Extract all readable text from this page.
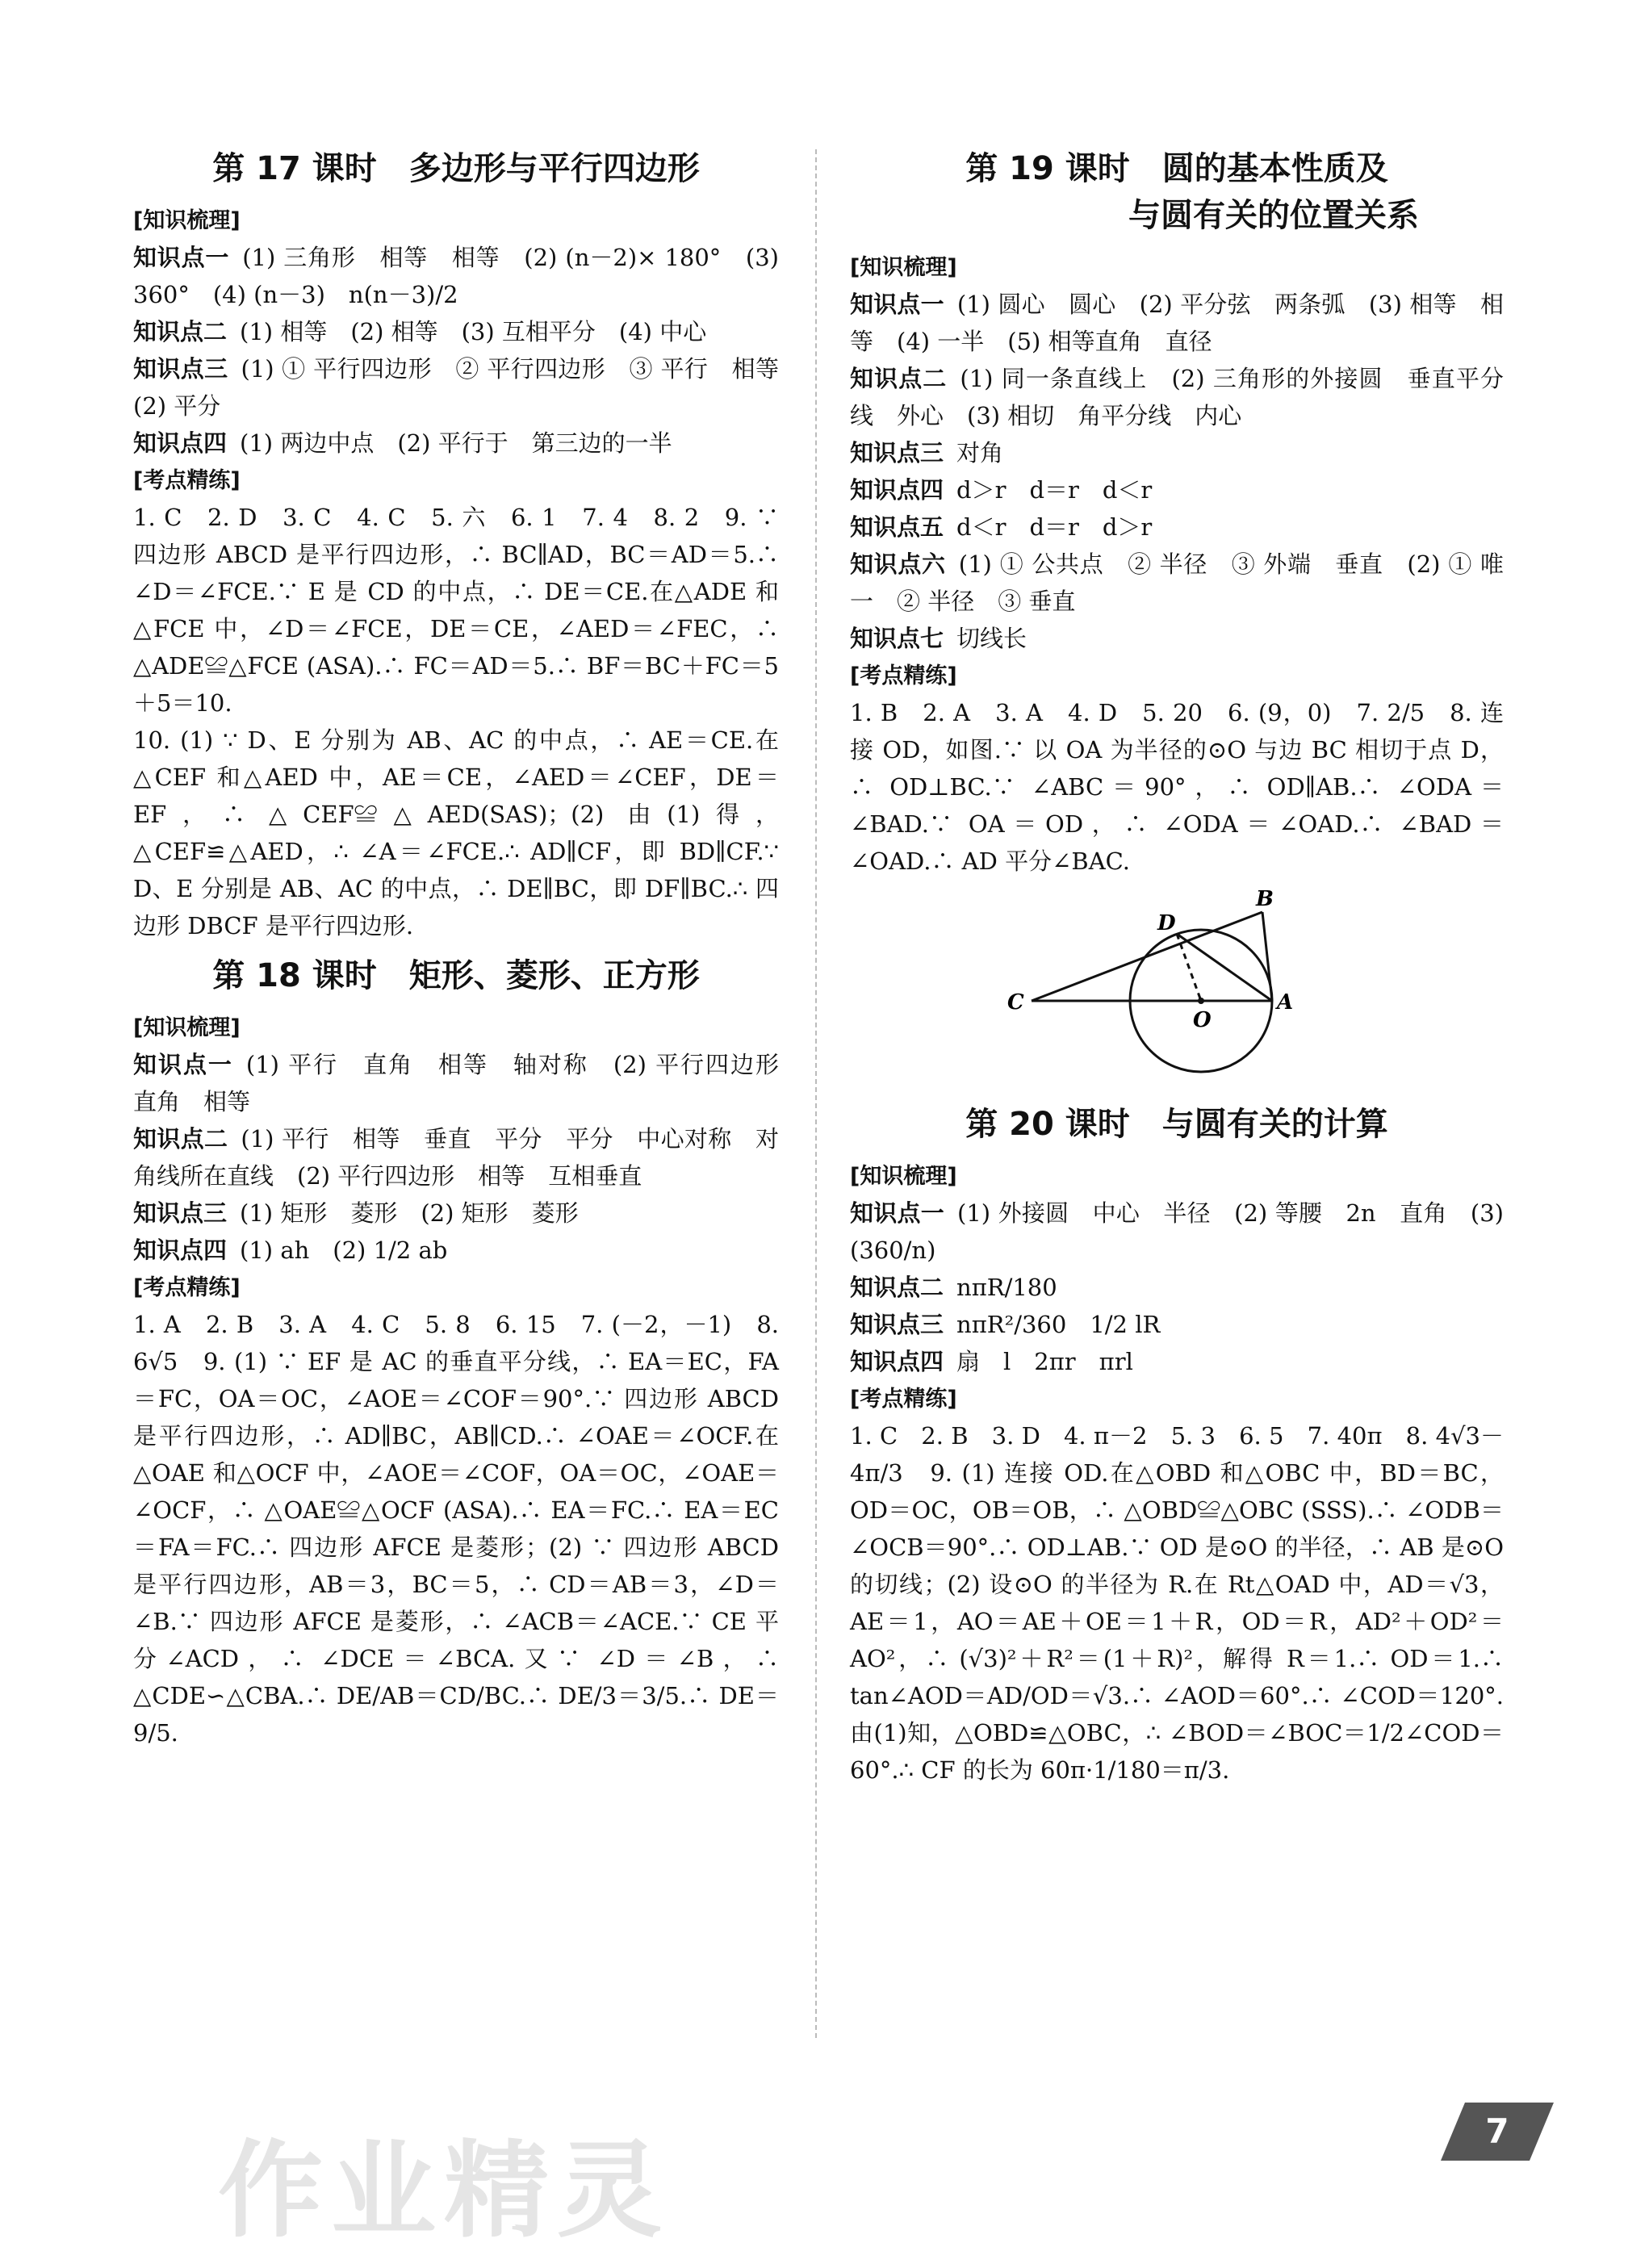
第 17 课时　多边形与平行四边形
[知识梳理]

知识点一 (1) 三角形　相等　相等　(2) (n－2)× 180°　(3) 360°　(4) (n－3)　n(n－3)/2

知识点二 (1) 相等　(2) 相等　(3) 互相平分　(4) 中心

知识点三 (1) ① 平行四边形　② 平行四边形　③ 平行　相等　(2) 平分

知识点四 (1) 两边中点　(2) 平行于　第三边的一半

[考点精练]

1. C　2. D　3. C　4. C　5. 六　6. 1　7. 4　8. 2　9. ∵ 四边形 ABCD 是平行四边形，∴ BC∥AD，BC＝AD＝5.∴ ∠D＝∠FCE.∵ E 是 CD 的中点，∴ DE＝CE.在△ADE 和△FCE 中，∠D＝∠FCE，DE＝CE，∠AED＝∠FEC，∴ △ADE≌△FCE (ASA).∴ FC＝AD＝5.∴ BF＝BC＋FC＝5＋5＝10.

10. (1) ∵ D、E 分别为 AB、AC 的中点，∴ AE＝CE.在△CEF 和△AED 中，AE＝CE，∠AED＝∠CEF，DE＝EF，∴ △CEF≌△AED(SAS)；(2) 由(1)得，△CEF≌△AED，∴ ∠A＝∠FCE.∴ AD∥CF，即 BD∥CF.∵ D、E 分别是 AB、AC 的中点，∴ DE∥BC，即 DF∥BC.∴ 四边形 DBCF 是平行四边形.

第 18 课时　矩形、菱形、正方形
[知识梳理]

知识点一 (1) 平行　直角　相等　轴对称　(2) 平行四边形　直角　相等

知识点二 (1) 平行　相等　垂直　平分　平分　中心对称　对角线所在直线　(2) 平行四边形　相等　互相垂直

知识点三 (1) 矩形　菱形　(2) 矩形　菱形

知识点四 (1) ah　(2) 1/2 ab

[考点精练]

1. A　2. B　3. A　4. C　5. 8　6. 15　7. (－2，－1)　8. 6√5　9. (1) ∵ EF 是 AC 的垂直平分线，∴ EA＝EC，FA＝FC，OA＝OC，∠AOE＝∠COF＝90°.∵ 四边形 ABCD 是平行四边形，∴ AD∥BC，AB∥CD.∴ ∠OAE＝∠OCF.在△OAE 和△OCF 中，∠AOE＝∠COF，OA＝OC，∠OAE＝∠OCF，∴ △OAE≌△OCF (ASA).∴ EA＝FC.∴ EA＝EC＝FA＝FC.∴ 四边形 AFCE 是菱形；(2) ∵ 四边形 ABCD 是平行四边形，AB＝3，BC＝5，∴ CD＝AB＝3，∠D＝∠B.∵ 四边形 AFCE 是菱形，∴ ∠ACB＝∠ACE.∵ CE 平分∠ACD，∴ ∠DCE＝∠BCA.又∵ ∠D＝∠B，∴ △CDE∽△CBA.∴ DE/AB＝CD/BC.∴ DE/3＝3/5.∴ DE＝9/5.

第 19 课时　圆的基本性质及
与圆有关的位置关系
[知识梳理]

知识点一 (1) 圆心　圆心　(2) 平分弦　两条弧　(3) 相等　相等　(4) 一半　(5) 相等直角　直径

知识点二 (1) 同一条直线上　(2) 三角形的外接圆　垂直平分线　外心　(3) 相切　角平分线　内心

知识点三 对角

知识点四 d＞r　d＝r　d＜r

知识点五 d＜r　d＝r　d＞r

知识点六 (1) ① 公共点　② 半径　③ 外端　垂直　(2) ① 唯一　② 半径　③ 垂直

知识点七 切线长

[考点精练]

1. B　2. A　3. A　4. D　5. 20　6. (9，0)　7. 2/5　8. 连接 OD，如图.∵ 以 OA 为半径的⊙O 与边 BC 相切于点 D，∴ OD⊥BC.∵ ∠ABC＝90°，∴ OD∥AB.∴ ∠ODA＝∠BAD.∵ OA＝OD，∴ ∠ODA＝∠OAD.∴ ∠BAD＝∠OAD.∴ AD 平分∠BAC.

B
D
C
O
A
第 20 课时　与圆有关的计算
[知识梳理]

知识点一 (1) 外接圆　中心　半径　(2) 等腰　2n　直角　(3) (360/n)

知识点二 nπR/180

知识点三 nπR²/360　1/2 lR

知识点四 扇　l　2πr　πrl

[考点精练]

1. C　2. B　3. D　4. π－2　5. 3　6. 5　7. 40π　8. 4√3－4π/3　9. (1) 连接 OD.在△OBD 和△OBC 中，BD＝BC，OD＝OC，OB＝OB，∴ △OBD≌△OBC (SSS).∴ ∠ODB＝∠OCB＝90°.∴ OD⊥AB.∵ OD 是⊙O 的半径，∴ AB 是⊙O 的切线；(2) 设⊙O 的半径为 R.在 Rt△OAD 中，AD＝√3，AE＝1，AO＝AE＋OE＝1＋R，OD＝R，AD²＋OD²＝AO²，∴ (√3)²＋R²＝(1＋R)²，解得 R＝1.∴ OD＝1.∴ tan∠AOD＝AD/OD＝√3.∴ ∠AOD＝60°.∴ ∠COD＝120°.由(1)知，△OBD≌△OBC，∴ ∠BOD＝∠BOC＝1/2∠COD＝60°.∴ CF 的长为 60π·1/180＝π/3.

作业精灵	7
